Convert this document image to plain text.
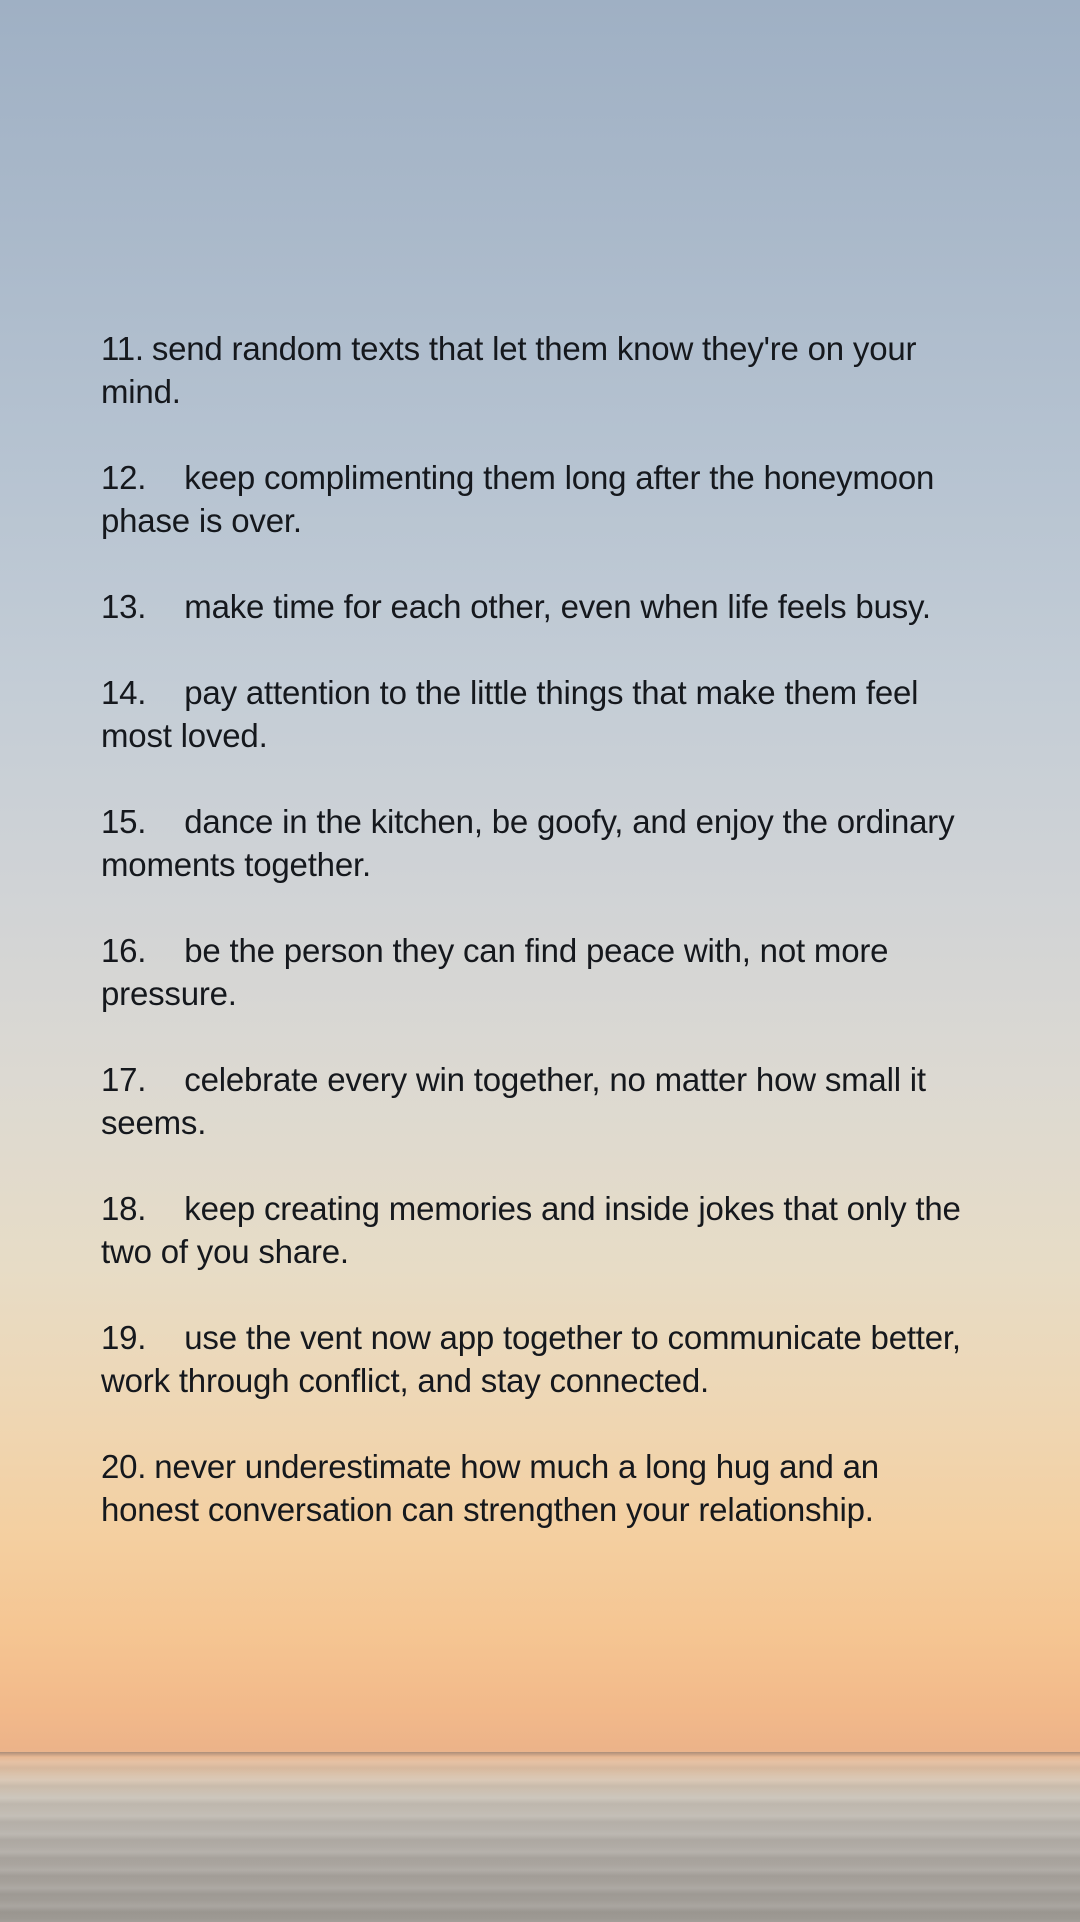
11. send random texts that let them know they're on your mind.
12. keep complimenting them long after the honeymoon phase is over.
13. make time for each other, even when life feels busy.
14. pay attention to the little things that make them feel most loved.
15. dance in the kitchen, be goofy, and enjoy the ordinary moments together.
16. be the person they can find peace with, not more pressure.
17. celebrate every win together, no matter how small it seems.
18. keep creating memories and inside jokes that only the two of you share.
19. use the vent now app together to communicate better, work through conflict, and stay connected.
20. never underestimate how much a long hug and an honest conversation can strengthen your relationship.
